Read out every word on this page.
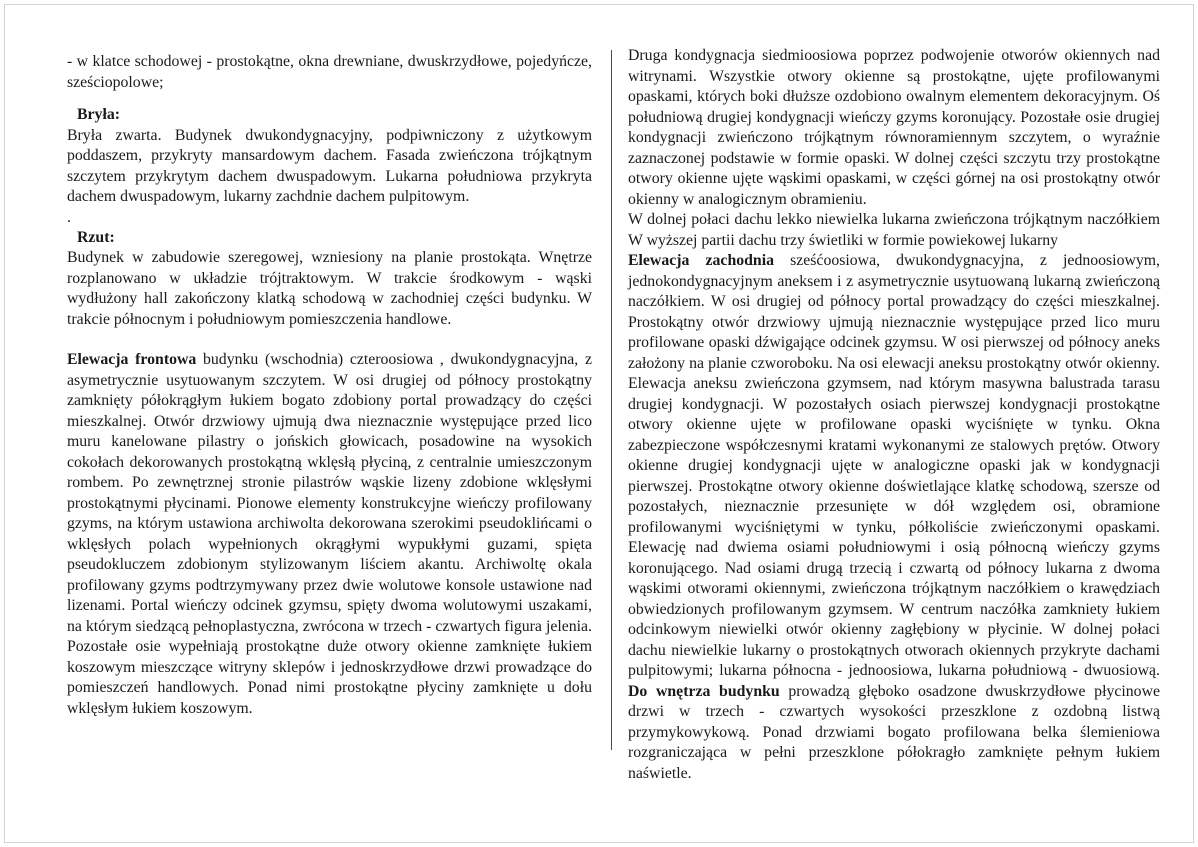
- w klatce schodowej - prostokątne, okna drewniane, dwuskrzydłowe, pojedyńcze, sześciopolowe;

Bryła:

Bryła zwarta. Budynek dwukondygnacyjny, podpiwniczony z użytkowym poddaszem, przykryty mansardowym dachem. Fasada zwieńczona trójkątnym szczytem przykrytym dachem dwuspadowym. Lukarna południowa przykryta dachem dwuspadowym, lukarny zachdnie dachem pulpitowym.

.

Rzut:

Budynek w zabudowie szeregowej, wzniesiony na planie prostokąta. Wnętrze rozplanowano w układzie trójtraktowym. W trakcie środkowym - wąski wydłużony hall zakończony klatką schodową w zachodniej części budynku. W trakcie północnym i południowym pomieszczenia handlowe.

Elewacja frontowa budynku (wschodnia) czteroosiowa , dwukondygnacyjna, z asymetrycznie usytuowanym szczytem. W osi drugiej od północy prostokątny zamknięty półokrągłym łukiem bogato zdobiony portal prowadzący do części mieszkalnej. Otwór drzwiowy ujmują dwa nieznacznie występujące przed lico muru kanelowane pilastry o jońskich głowicach, posadowine na wysokich cokołach dekorowanych prostokątną wklęsłą płyciną, z centralnie umieszczonym rombem. Po zewnętrznej stronie pilastrów wąskie lizeny zdobione wklęsłymi prostokątnymi płycinami. Pionowe elementy konstrukcyjne wieńczy profilowany gzyms, na którym ustawiona archiwolta dekorowana szerokimi pseudoklińcami o wklęsłych polach wypełnionych okrągłymi wypukłymi guzami, spięta pseudokluczem zdobionym stylizowanym liściem akantu. Archiwoltę okala profilowany gzyms podtrzymywany przez dwie wolutowe konsole ustawione nad lizenami. Portal wieńczy odcinek gzymsu, spięty dwoma wolutowymi uszakami, na którym siedzącą pełnoplastyczna, zwrócona w trzech - czwartych figura jelenia. Pozostałe osie wypełniają prostokątne duże otwory okienne zamknięte łukiem koszowym mieszczące witryny sklepów i jednoskrzydłowe drzwi prowadzące do pomieszczeń handlowych. Ponad nimi prostokątne płyciny zamknięte u dołu wklęsłym łukiem koszowym.

Druga kondygnacja siedmioosiowa poprzez podwojenie otworów okiennych nad witrynami. Wszystkie otwory okienne są prostokątne, ujęte profilowanymi opaskami, których boki dłuższe ozdobiono owalnym elementem dekoracyjnym. Oś południową drugiej kondygnacji wieńczy gzyms koronujący. Pozostałe osie drugiej kondygnacji zwieńczono trójkątnym równoramiennym szczytem, o wyraźnie zaznaczonej podstawie w formie opaski. W dolnej części szczytu trzy prostokątne otwory okienne ujęte wąskimi opaskami, w części górnej na osi prostokątny otwór okienny w analogicznym obramieniu.

W dolnej połaci dachu lekko niewielka lukarna zwieńczona trójkątnym naczółkiem W wyższej partii dachu trzy świetliki w formie powiekowej lukarny

Elewacja zachodnia sześćoosiowa, dwukondygnacyjna, z jednoosiowym, jednokondygnacyjnym aneksem i z asymetrycznie usytuowaną lukarną zwieńczoną naczółkiem. W osi drugiej od północy portal prowadzący do części mieszkalnej. Prostokątny otwór drzwiowy ujmują nieznacznie występujące przed lico muru profilowane opaski dźwigające odcinek gzymsu. W osi pierwszej od północy aneks założony na planie czworoboku. Na osi elewacji aneksu prostokątny otwór okienny. Elewacja aneksu zwieńczona gzymsem, nad którym masywna balustrada tarasu drugiej kondygnacji. W pozostałych osiach pierwszej kondygnacji prostokątne otwory okienne ujęte w profilowane opaski wyciśnięte w tynku. Okna zabezpieczone współczesnymi kratami wykonanymi ze stalowych prętów. Otwory okienne drugiej kondygnacji ujęte w analogiczne opaski jak w kondygnacji pierwszej. Prostokątne otwory okienne doświetlające klatkę schodową, szersze od pozostałych, nieznacznie przesunięte w dół względem osi, obramione profilowanymi wyciśniętymi w tynku, półkoliście zwieńczonymi opaskami. Elewację nad dwiema osiami południowymi i osią północną wieńczy gzyms koronującego. Nad osiami drugą trzecią i czwartą od północy lukarna z dwoma wąskimi otworami okiennymi, zwieńczona trójkątnym naczółkiem o krawędziach obwiedzionych profilowanym gzymsem. W centrum naczółka zamkniety łukiem odcinkowym niewielki otwór okienny zagłębiony w płycinie. W dolnej połaci dachu niewielkie lukarny o prostokątnych otworach okiennych przykryte dachami pulpitowymi; lukarna północna - jednoosiowa, lukarna południową - dwuosiową. Do wnętrza budynku prowadzą głęboko osadzone dwuskrzydłowe płycinowe drzwi w trzech - czwartych wysokości przeszklone z ozdobną listwą przymykowykową. Ponad drzwiami bogato profilowana belka ślemieniowa rozgraniczająca w pełni przeszklone półokragło zamknięte pełnym łukiem naświetle.
